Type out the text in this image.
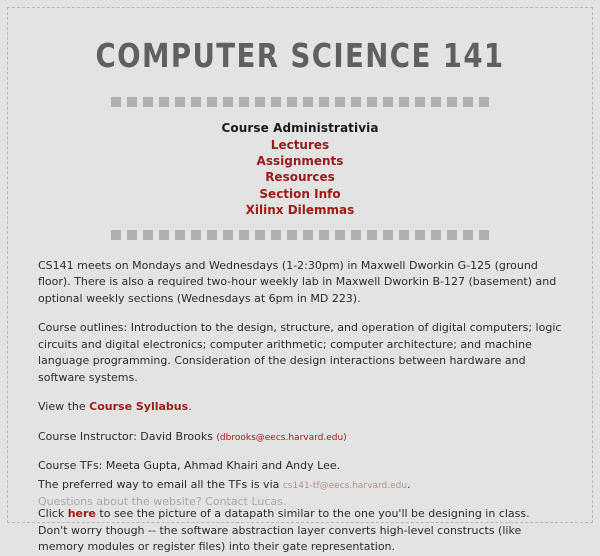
COMPUTER SCIENCE 141
Course Administrativia
Lectures
Assignments
Resources
Section Info
Xilinx Dilemmas

CS141 meets on Mondays and Wednesdays (1-2:30pm) in Maxwell Dworkin G-125 (ground floor). There is also a required two-hour weekly lab in Maxwell Dworkin B-127 (basement) and optional weekly sections (Wednesdays at 6pm in MD 223).

Course outlines: Introduction to the design, structure, and operation of digital computers; logic circuits and digital electronics; computer arithmetic; computer architecture; and machine language programming. Consideration of the design interactions between hardware and software systems.

View the Course Syllabus.

Course Instructor: David Brooks (dbrooks@eecs.harvard.edu)

Course TFs: Meeta Gupta, Ahmad Khairi and Andy Lee.

The preferred way to email all the TFs is via cs141-tf@eecs.harvard.edu.

Click here to see the picture of a datapath similar to the one you'll be designing in class. Don't worry though -- the software abstraction layer converts high-level constructs (like memory modules or register files) into their gate representation.

Questions about the website? Contact Lucas.
